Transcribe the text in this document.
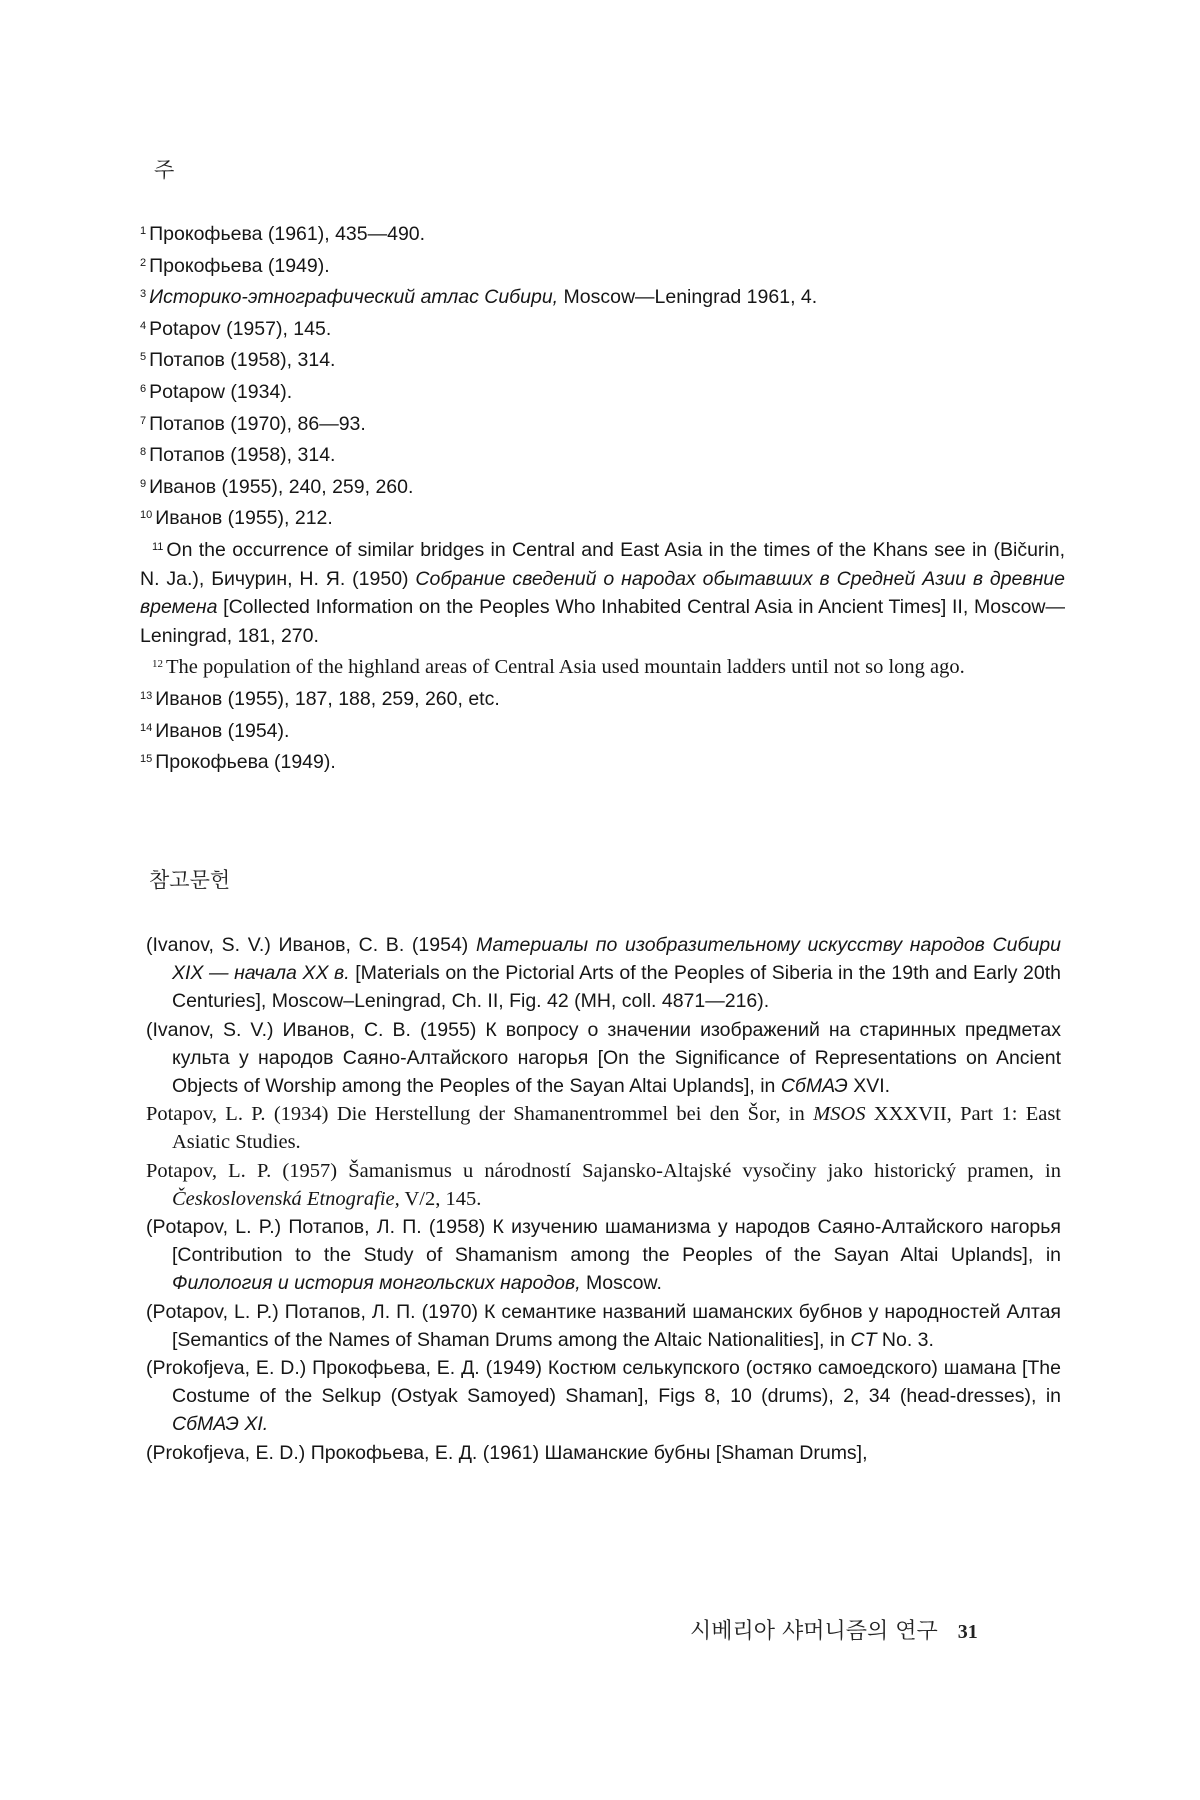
주

$^1$ Прокофьева (1961), 435—490.

$^2$ Прокофьева (1949).

$^3$ Историко-этнографический атлас Сибири, Moscow—Leningrad 1961, 4.

$^4$ Potapov (1957), 145.

$^5$ Потапов (1958), 314.

$^6$ Potapow (1934).

$^7$ Потапов (1970), 86—93.

$^8$ Потапов (1958), 314.

$^9$ Иванов (1955), 240, 259, 260.

$^{10}$ Иванов (1955), 212.

$^{11}$ On the occurrence of similar bridges in Central and East Asia in the times of the Khans see in (Bičurin, N. Ja.), Бичурин, Н. Я. (1950) Собрание сведений о народах обытавших в Средней Азии в древние времена [Collected Information on the Peoples Who Inhabited Central Asia in Ancient Times] II, Moscow—Leningrad, 181, 270.

$^{12}$ The population of the highland areas of Central Asia used mountain ladders until not so long ago.

$^{13}$ Иванов (1955), 187, 188, 259, 260, etc.

$^{14}$ Иванов (1954).

$^{15}$ Прокофьева (1949).

참고문헌

(Ivanov, S. V.) Иванов, С. В. (1954) Материалы по изобразительному искусству народов Сибири XIX — начала XX в. [Materials on the Pictorial Arts of the Peoples of Siberia in the 19th and Early 20th Centuries], Moscow–Leningrad, Ch. II, Fig. 42 (MH, coll. 4871—216).

(Ivanov, S. V.) Иванов, С. В. (1955) К вопросу о значении изображений на старинных предметах культа у народов Саяно-Алтайского нагорья [On the Significance of Representations on Ancient Objects of Worship among the Peoples of the Sayan Altai Uplands], in СбМАЭ XVI.

Potapov, L. P. (1934) Die Herstellung der Shamanentrommel bei den Šor, in MSOS XXXVII, Part 1: East Asiatic Studies.

Potapov, L. P. (1957) Šamanismus u národností Sajansko-Altajské vysočiny jako historický pramen, in Československá Etnografie, V/2, 145.

(Potapov, L. P.) Потапов, Л. П. (1958) К изучению шаманизма у народов Саяно-Алтайского нагорья [Contribution to the Study of Shamanism among the Peoples of the Sayan Altai Uplands], in Филология и история монгольских народов, Moscow.

(Potapov, L. P.) Потапов, Л. П. (1970) К семантике названий шаманских бубнов у народностей Алтая [Semantics of the Names of Shaman Drums among the Altaic Nationalities], in CT No. 3.

(Prokofjeva, E. D.) Прокофьева, Е. Д. (1949) Костюм селькупского (остяко самоедского) шамана [The Costume of the Selkup (Ostyak Samoyed) Shaman], Figs 8, 10 (drums), 2, 34 (head-dresses), in СбМАЭ XI.

(Prokofjeva, E. D.) Прокофьева, Е. Д. (1961) Шаманские бубны [Shaman Drums],

시베리아 샤머니즘의 연구 31
